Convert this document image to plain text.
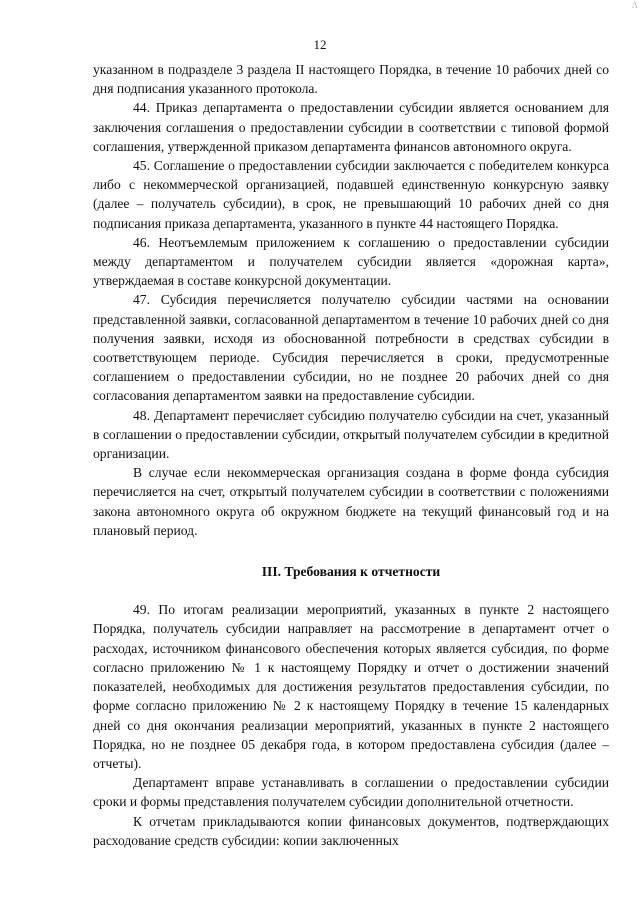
Λ
12

указанном в подразделе 3 раздела II настоящего Порядка, в течение 10 рабочих дней со дня подписания указанного протокола.

44. Приказ департамента о предоставлении субсидии является основанием для заключения соглашения о предоставлении субсидии в соответствии с типовой формой соглашения, утвержденной приказом департамента финансов автономного округа.

45. Соглашение о предоставлении субсидии заключается с победителем конкурса либо с некоммерческой организацией, подавшей единственную конкурсную заявку (далее – получатель субсидии), в срок, не превышающий 10 рабочих дней со дня подписания приказа департамента, указанного в пункте 44 настоящего Порядка.

46. Неотъемлемым приложением к соглашению о предоставлении субсидии между департаментом и получателем субсидии является «дорожная карта», утверждаемая в составе конкурсной документации.

47. Субсидия перечисляется получателю субсидии частями на основании представленной заявки, согласованной департаментом в течение 10 рабочих дней со дня получения заявки, исходя из обоснованной потребности в средствах субсидии в соответствующем периоде. Субсидия перечисляется в сроки, предусмотренные соглашением о предоставлении субсидии, но не позднее 20 рабочих дней со дня согласования департаментом заявки на предоставление субсидии.

48. Департамент перечисляет субсидию получателю субсидии на счет, указанный в соглашении о предоставлении субсидии, открытый получателем субсидии в кредитной организации.

В случае если некоммерческая организация создана в форме фонда субсидия перечисляется на счет, открытый получателем субсидии в соответствии с положениями закона автономного округа об окружном бюджете на текущий финансовый год и на плановый период.

III. Требования к отчетности

49. По итогам реализации мероприятий, указанных в пункте 2 настоящего Порядка, получатель субсидии направляет на рассмотрение в департамент отчет о расходах, источником финансового обеспечения которых является субсидия, по форме согласно приложению № 1 к настоящему Порядку и отчет о достижении значений показателей, необходимых для достижения результатов предоставления субсидии, по форме согласно приложению № 2 к настоящему Порядку в течение 15 календарных дней со дня окончания реализации мероприятий, указанных в пункте 2 настоящего Порядка, но не позднее 05 декабря года, в котором предоставлена субсидия (далее – отчеты).

Департамент вправе устанавливать в соглашении о предоставлении субсидии сроки и формы представления получателем субсидии дополнительной отчетности.

К отчетам прикладываются копии финансовых документов, подтверждающих расходование средств субсидии: копии заключенных
